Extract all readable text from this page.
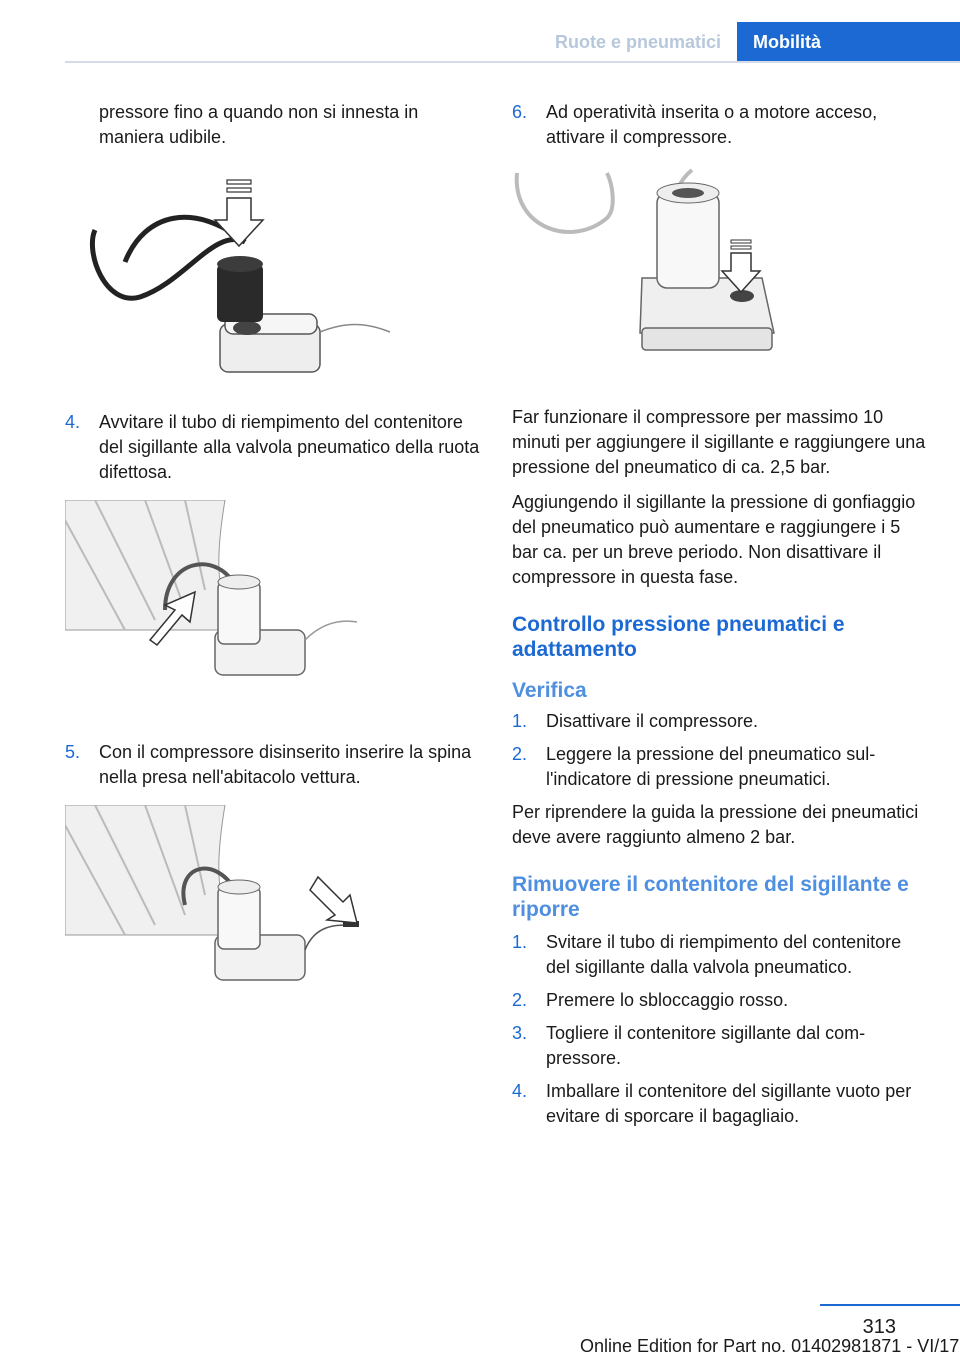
Ruote e pneumatici	Mobilità

pressore fino a quando non si innesta in maniera udibile.

4. Avvitare il tubo di riempimento del contenitore del sigillante alla valvola pneumatico della ruota difettosa.
5. Con il compressore disinserito inserire la spina nella presa nell'abitacolo vettura.
6. Ad operatività inserita o a motore acceso, attivare il compressore.

Far funzionare il compressore per massimo 10 minuti per aggiungere il sigillante e raggiungere una pressione del pneumatico di ca. 2,5 bar.

Aggiungendo il sigillante la pressione di gonfiaggio del pneumatico può aumentare e raggiungere i 5 bar ca. per un breve periodo. Non disattivare il compressore in questa fase.

Controllo pressione pneumatici e adattamento
Verifica
1. Disattivare il compressore.
2. Leggere la pressione del pneumatico sull'indicatore di pressione pneumatici.

Per riprendere la guida la pressione dei pneumatici deve avere raggiunto almeno 2 bar.

Rimuovere il contenitore del sigillante e riporre
1. Svitare il tubo di riempimento del contenitore del sigillante dalla valvola pneumatico.
2. Premere lo sbloccaggio rosso.
3. Togliere il contenitore sigillante dal compressore.
4. Imballare il contenitore del sigillante vuoto per evitare di sporcare il bagagliaio.
313
Online Edition for Part no. 01402981871 - VI/17
